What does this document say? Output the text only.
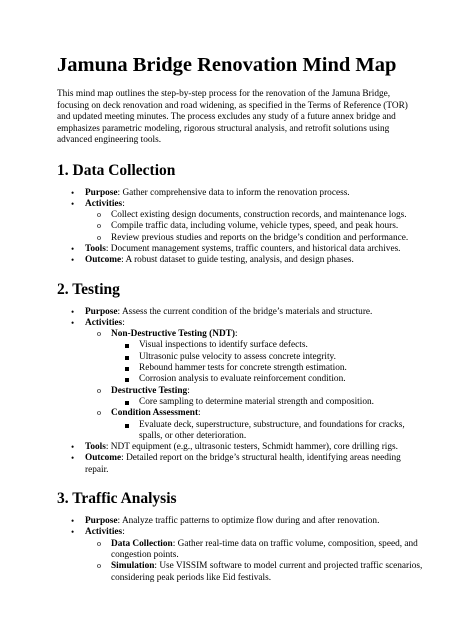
Jamuna Bridge Renovation Mind Map

This mind map outlines the step-by-step process for the renovation of the Jamuna Bridge, focusing on deck renovation and road widening, as specified in the Terms of Reference (TOR) and updated meeting minutes. The process excludes any study of a future annex bridge and emphasizes parametric modeling, rigorous structural analysis, and retrofit solutions using advanced engineering tools.

1. Data Collection
• Purpose: Gather comprehensive data to inform the renovation process.
• Activities:
o Collect existing design documents, construction records, and maintenance logs.
o Compile traffic data, including volume, vehicle types, speed, and peak hours.
o Review previous studies and reports on the bridge’s condition and performance.
• Tools: Document management systems, traffic counters, and historical data archives.
• Outcome: A robust dataset to guide testing, analysis, and design phases.
2. Testing
• Purpose: Assess the current condition of the bridge’s materials and structure.
• Activities:
o Non-Destructive Testing (NDT):
Visual inspections to identify surface defects.
Ultrasonic pulse velocity to assess concrete integrity.
Rebound hammer tests for concrete strength estimation.
Corrosion analysis to evaluate reinforcement condition.
o Destructive Testing:
Core sampling to determine material strength and composition.
o Condition Assessment:
Evaluate deck, superstructure, substructure, and foundations for cracks, spalls, or other deterioration.
• Tools: NDT equipment (e.g., ultrasonic testers, Schmidt hammer), core drilling rigs.
• Outcome: Detailed report on the bridge’s structural health, identifying areas needing repair.
3. Traffic Analysis
• Purpose: Analyze traffic patterns to optimize flow during and after renovation.
• Activities:
o Data Collection: Gather real-time data on traffic volume, composition, speed, and congestion points.
o Simulation: Use VISSIM software to model current and projected traffic scenarios, considering peak periods like Eid festivals.
